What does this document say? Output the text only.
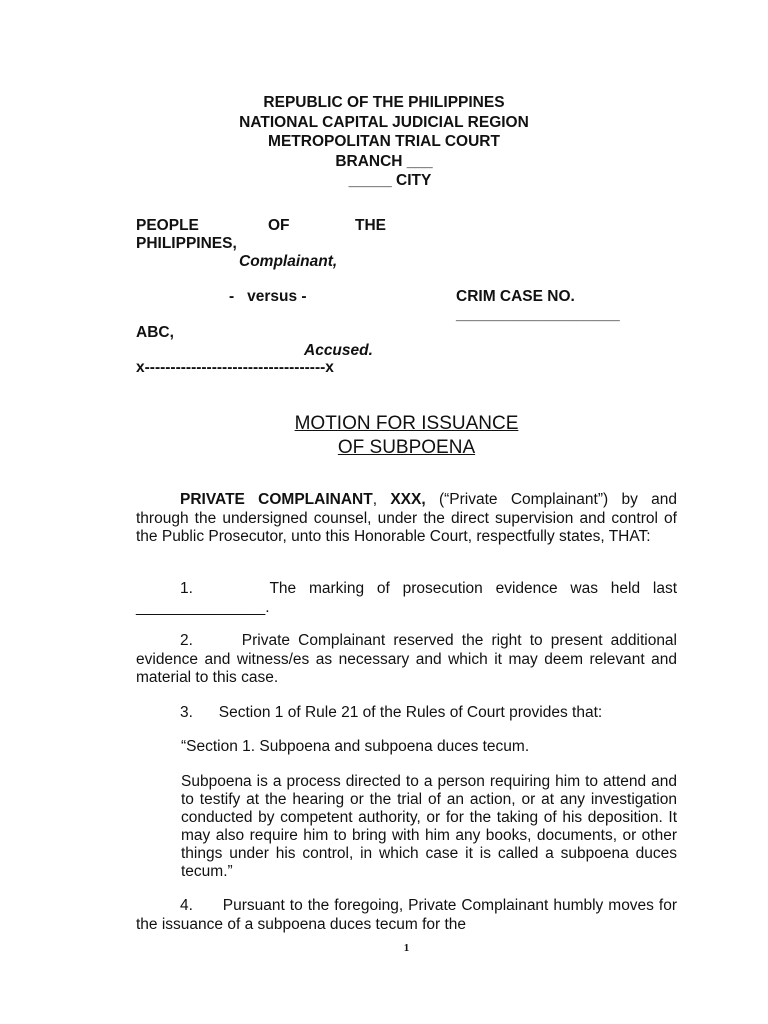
REPUBLIC OF THE PHILIPPINES
NATIONAL CAPITAL JUDICIAL REGION
METROPOLITAN TRIAL COURT
BRANCH ___
_____ CITY
PEOPLE	OF	THE
PHILIPPINES,
Complainant,
-   versus -	CRIM CASE NO.
___________________
ABC,
Accused.
x-----------------------------------x
MOTION FOR ISSUANCE
OF SUBPOENA
PRIVATE COMPLAINANT, XXX, (“Private Complainant”) by and through the undersigned counsel, under the direct supervision and control of the Public Prosecutor, unto this Honorable Court, respectfully states, THAT:
1.	The marking of prosecution evidence was held last _______________.
2.	Private Complainant reserved the right to present additional evidence and witness/es as necessary and which it may deem relevant and material to this case.
3. Section 1 of Rule 21 of the Rules of Court provides that:
“Section 1. Subpoena and subpoena duces tecum.
Subpoena is a process directed to a person requiring him to attend and to testify at the hearing or the trial of an action, or at any investigation conducted by competent authority, or for the taking of his deposition. It may also require him to bring with him any books, documents, or other things under his control, in which case it is called a subpoena duces tecum.”
4. Pursuant to the foregoing, Private Complainant humbly moves for the issuance of a subpoena duces tecum for the
1
